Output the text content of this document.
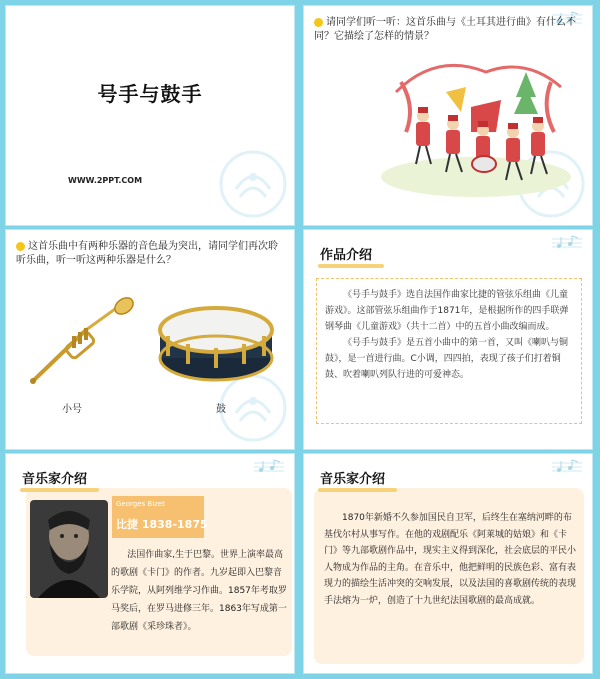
号手与鼓手
WWW.2PPT.COM
请同学们听一听：这首乐曲与《土耳其进行曲》有什么不同？它描绘了怎样的情景？
这首乐曲中有两种乐器的音色最为突出，请同学们再次聆听乐曲，听一听这两种乐器是什么？
小号	鼓
作品介绍

《号手与鼓手》选自法国作曲家比捷的管弦乐组曲《儿童游戏》。这部管弦乐组曲作于1871年，是根据所作的四手联弹钢琴曲《儿童游戏》（共十二首）中的五首小曲改编而成。

《号手与鼓手》是五首小曲中的第一首，又叫《喇叭与铜鼓》，是一首进行曲。C小调，四四拍，表现了孩子们打着铜鼓、吹着喇叭列队行进的可爱神态。

音乐家介绍
Georges Bizet
比捷 1838-1875
法国作曲家,生于巴黎。世界上演率最高的歌剧《卡门》的作者。九岁起即入巴黎音乐学院，从阿列维学习作曲。1857年考取罗马奖后，在罗马进修三年。1863年写成第一部歌剧《采珍珠者》。
音乐家介绍
1870年新婚不久参加国民自卫军，后终生在塞纳河畔的布基伐尔村从事写作。在他的戏剧配乐《阿莱城的姑娘》和《卡门》等九部歌剧作品中，现实主义得到深化，社会底层的平民小人物成为作品的主角。在音乐中，他把鲜明的民族色彩、富有表现力的描绘生活冲突的交响发展，以及法国的喜歌剧传统的表现手法熔为一炉，创造了十九世纪法国歌剧的最高成就。
